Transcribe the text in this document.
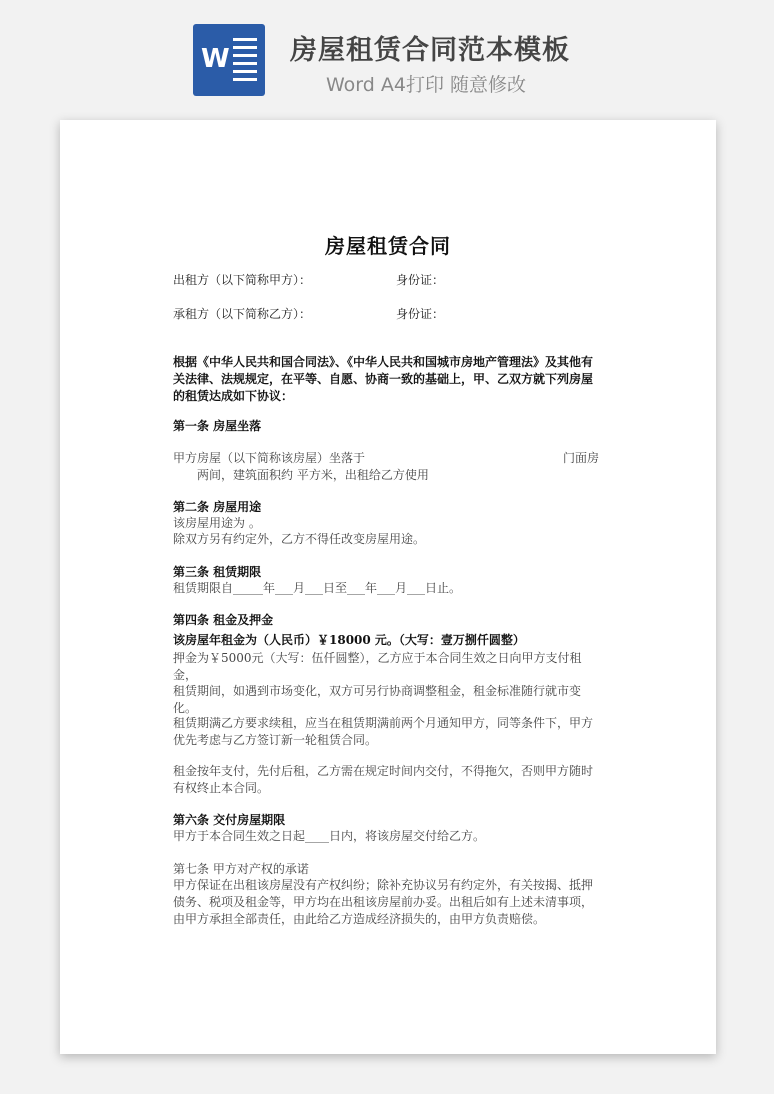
W 房屋租赁合同范本模板
Word A4打印 随意修改
房屋租赁合同
出租方（以下简称甲方）：	身份证：
承租方（以下简称乙方）：	身份证：
根据《中华人民共和国合同法》、《中华人民共和国城市房地产管理法》及其他有关法律、法规规定，在平等、自愿、协商一致的基础上，甲、乙双方就下列房屋的租赁达成如下协议：
第一条 房屋坐落
甲方房屋（以下简称该房屋）坐落于	门面房
两间，建筑面积约 平方米，出租给乙方使用
第二条 房屋用途
该房屋用途为 。
除双方另有约定外，乙方不得任改变房屋用途。
第三条 租赁期限
租赁期限自_____年___月___日至___年___月___日止。
第四条 租金及押金
该房屋年租金为（人民币）￥18000 元。（大写：壹万捌仟圆整）
押金为￥5000元（大写：伍仟圆整），乙方应于本合同生效之日向甲方支付租金，
租赁期间，如遇到市场变化，双方可另行协商调整租金，租金标准随行就市变化。
租赁期满乙方要求续租，应当在租赁期满前两个月通知甲方，同等条件下，甲方优先考虑与乙方签订新一轮租赁合同。
租金按年支付，先付后租，乙方需在规定时间内交付，不得拖欠，否则甲方随时有权终止本合同。
第六条 交付房屋期限
甲方于本合同生效之日起____日内，将该房屋交付给乙方。
第七条 甲方对产权的承诺
甲方保证在出租该房屋没有产权纠纷；除补充协议另有约定外，有关按揭、抵押债务、税项及租金等，甲方均在出租该房屋前办妥。出租后如有上述未清事项，由甲方承担全部责任，由此给乙方造成经济损失的，由甲方负责赔偿。
